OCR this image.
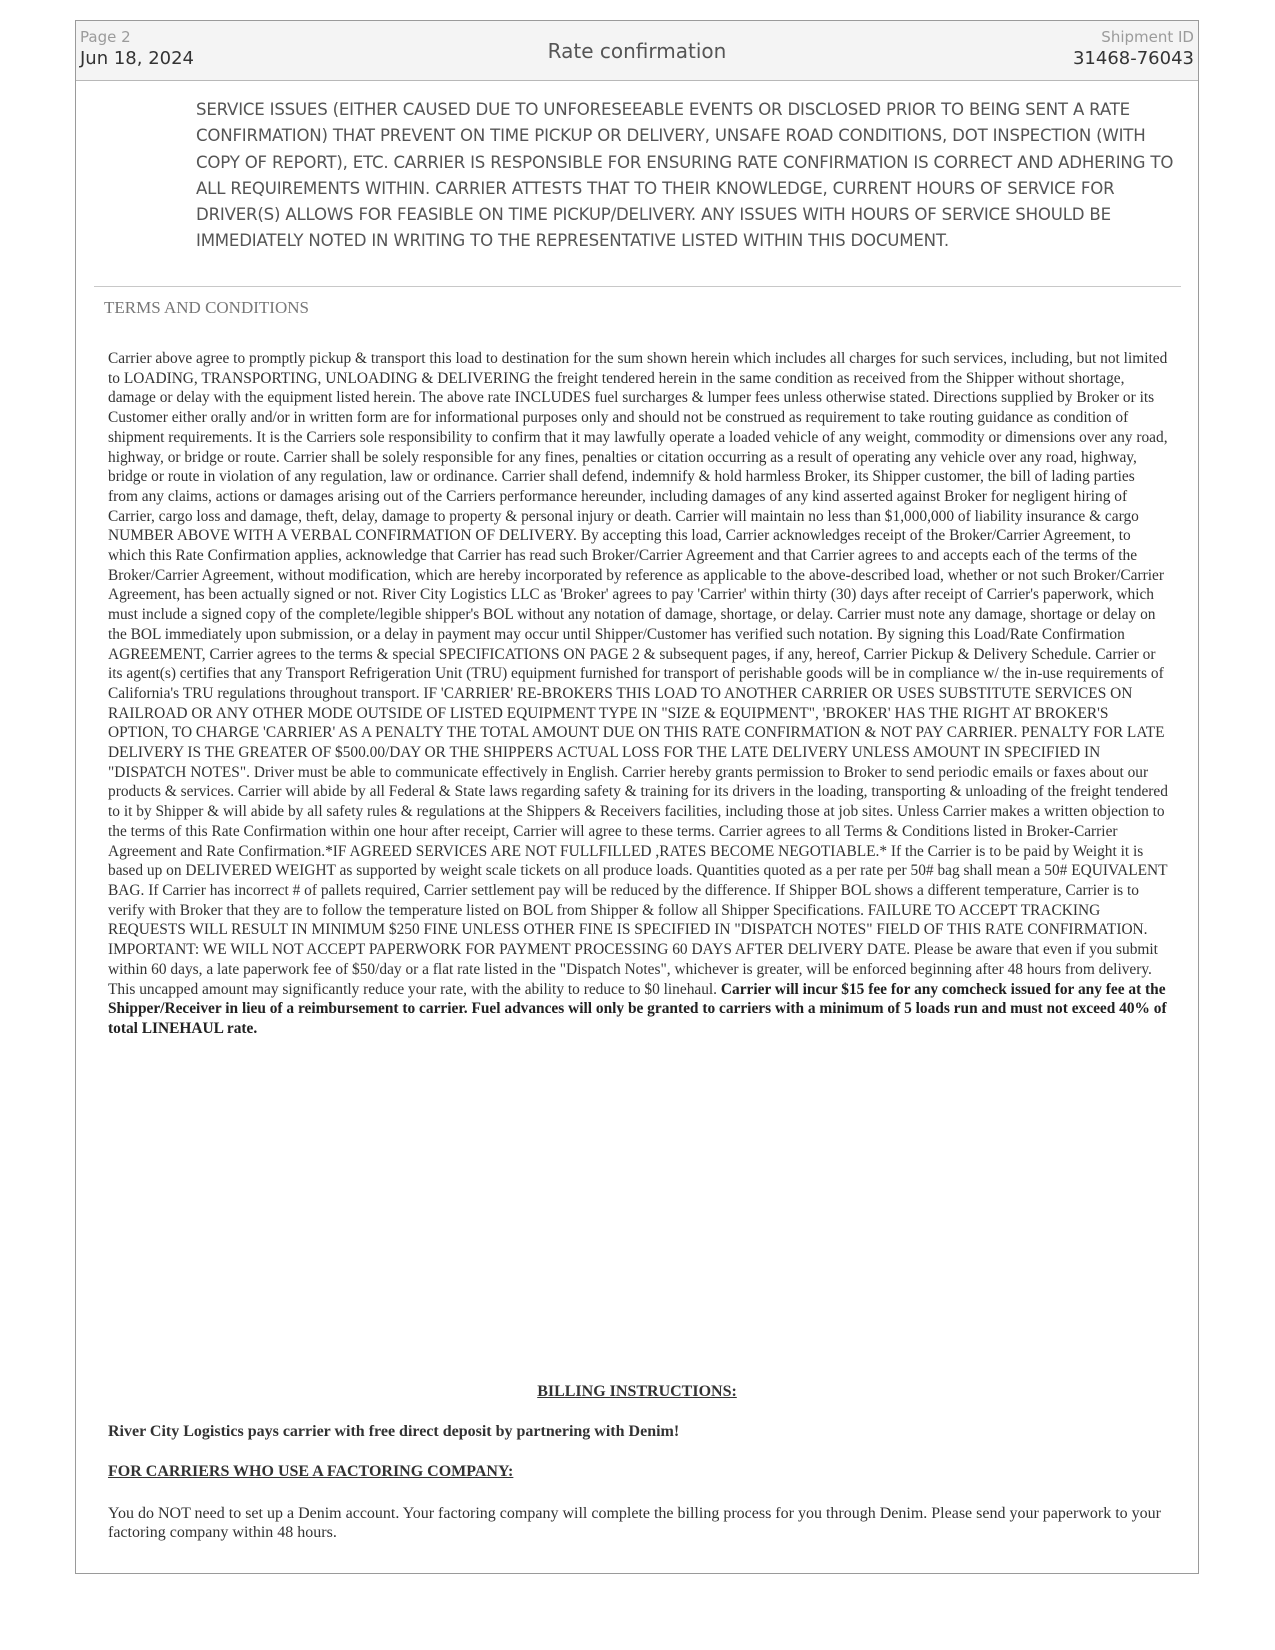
Page 2
Jun 18, 2024	Rate confirmation
Shipment ID
31468-76043
SERVICE ISSUES (EITHER CAUSED DUE TO UNFORESEEABLE EVENTS OR DISCLOSED PRIOR TO BEING SENT A RATE CONFIRMATION) THAT PREVENT ON TIME PICKUP OR DELIVERY, UNSAFE ROAD CONDITIONS, DOT INSPECTION (WITH COPY OF REPORT), ETC. CARRIER IS RESPONSIBLE FOR ENSURING RATE CONFIRMATION IS CORRECT AND ADHERING TO ALL REQUIREMENTS WITHIN. CARRIER ATTESTS THAT TO THEIR KNOWLEDGE, CURRENT HOURS OF SERVICE FOR DRIVER(S) ALLOWS FOR FEASIBLE ON TIME PICKUP/DELIVERY. ANY ISSUES WITH HOURS OF SERVICE SHOULD BE IMMEDIATELY NOTED IN WRITING TO THE REPRESENTATIVE LISTED WITHIN THIS DOCUMENT.
TERMS AND CONDITIONS
Carrier above agree to promptly pickup & transport this load to destination for the sum shown herein which includes all charges for such services, including, but not limited to LOADING, TRANSPORTING, UNLOADING & DELIVERING the freight tendered herein in the same condition as received from the Shipper without shortage, damage or delay with the equipment listed herein. The above rate INCLUDES fuel surcharges & lumper fees unless otherwise stated. Directions supplied by Broker or its Customer either orally and/or in written form are for informational purposes only and should not be construed as requirement to take routing guidance as condition of shipment requirements. It is the Carriers sole responsibility to confirm that it may lawfully operate a loaded vehicle of any weight, commodity or dimensions over any road, highway, or bridge or route. Carrier shall be solely responsible for any fines, penalties or citation occurring as a result of operating any vehicle over any road, highway, bridge or route in violation of any regulation, law or ordinance. Carrier shall defend, indemnify & hold harmless Broker, its Shipper customer, the bill of lading parties from any claims, actions or damages arising out of the Carriers performance hereunder, including damages of any kind asserted against Broker for negligent hiring of Carrier, cargo loss and damage, theft, delay, damage to property & personal injury or death. Carrier will maintain no less than $1,000,000 of liability insurance & cargo NUMBER ABOVE WITH A VERBAL CONFIRMATION OF DELIVERY. By accepting this load, Carrier acknowledges receipt of the Broker/Carrier Agreement, to which this Rate Confirmation applies, acknowledge that Carrier has read such Broker/Carrier Agreement and that Carrier agrees to and accepts each of the terms of the Broker/Carrier Agreement, without modification, which are hereby incorporated by reference as applicable to the above-described load, whether or not such Broker/Carrier Agreement, has been actually signed or not. River City Logistics LLC as 'Broker' agrees to pay 'Carrier' within thirty (30) days after receipt of Carrier's paperwork, which must include a signed copy of the complete/legible shipper's BOL without any notation of damage, shortage, or delay. Carrier must note any damage, shortage or delay on the BOL immediately upon submission, or a delay in payment may occur until Shipper/Customer has verified such notation. By signing this Load/Rate Confirmation AGREEMENT, Carrier agrees to the terms & special SPECIFICATIONS ON PAGE 2 & subsequent pages, if any, hereof, Carrier Pickup & Delivery Schedule. Carrier or its agent(s) certifies that any Transport Refrigeration Unit (TRU) equipment furnished for transport of perishable goods will be in compliance w/ the in-use requirements of California's TRU regulations throughout transport. IF 'CARRIER' RE-BROKERS THIS LOAD TO ANOTHER CARRIER OR USES SUBSTITUTE SERVICES ON RAILROAD OR ANY OTHER MODE OUTSIDE OF LISTED EQUIPMENT TYPE IN "SIZE & EQUIPMENT", 'BROKER' HAS THE RIGHT AT BROKER'S OPTION, TO CHARGE 'CARRIER' AS A PENALTY THE TOTAL AMOUNT DUE ON THIS RATE CONFIRMATION & NOT PAY CARRIER. PENALTY FOR LATE DELIVERY IS THE GREATER OF $500.00/DAY OR THE SHIPPERS ACTUAL LOSS FOR THE LATE DELIVERY UNLESS AMOUNT IN SPECIFIED IN "DISPATCH NOTES". Driver must be able to communicate effectively in English. Carrier hereby grants permission to Broker to send periodic emails or faxes about our products & services. Carrier will abide by all Federal & State laws regarding safety & training for its drivers in the loading, transporting & unloading of the freight tendered to it by Shipper & will abide by all safety rules & regulations at the Shippers & Receivers facilities, including those at job sites. Unless Carrier makes a written objection to the terms of this Rate Confirmation within one hour after receipt, Carrier will agree to these terms. Carrier agrees to all Terms & Conditions listed in Broker-Carrier Agreement and Rate Confirmation.*IF AGREED SERVICES ARE NOT FULLFILLED ,RATES BECOME NEGOTIABLE.* If the Carrier is to be paid by Weight it is based up on DELIVERED WEIGHT as supported by weight scale tickets on all produce loads. Quantities quoted as a per rate per 50# bag shall mean a 50# EQUIVALENT BAG. If Carrier has incorrect # of pallets required, Carrier settlement pay will be reduced by the difference. If Shipper BOL shows a different temperature, Carrier is to verify with Broker that they are to follow the temperature listed on BOL from Shipper & follow all Shipper Specifications. FAILURE TO ACCEPT TRACKING REQUESTS WILL RESULT IN MINIMUM $250 FINE UNLESS OTHER FINE IS SPECIFIED IN "DISPATCH NOTES" FIELD OF THIS RATE CONFIRMATION. IMPORTANT: WE WILL NOT ACCEPT PAPERWORK FOR PAYMENT PROCESSING 60 DAYS AFTER DELIVERY DATE. Please be aware that even if you submit within 60 days, a late paperwork fee of $50/day or a flat rate listed in the "Dispatch Notes", whichever is greater, will be enforced beginning after 48 hours from delivery. This uncapped amount may significantly reduce your rate, with the ability to reduce to $0 linehaul. Carrier will incur $15 fee for any comcheck issued for any fee at the Shipper/Receiver in lieu of a reimbursement to carrier. Fuel advances will only be granted to carriers with a minimum of 5 loads run and must not exceed 40% of total LINEHAUL rate.
BILLING INSTRUCTIONS:
River City Logistics pays carrier with free direct deposit by partnering with Denim!
FOR CARRIERS WHO USE A FACTORING COMPANY:
You do NOT need to set up a Denim account. Your factoring company will complete the billing process for you through Denim. Please send your paperwork to your factoring company within 48 hours.
